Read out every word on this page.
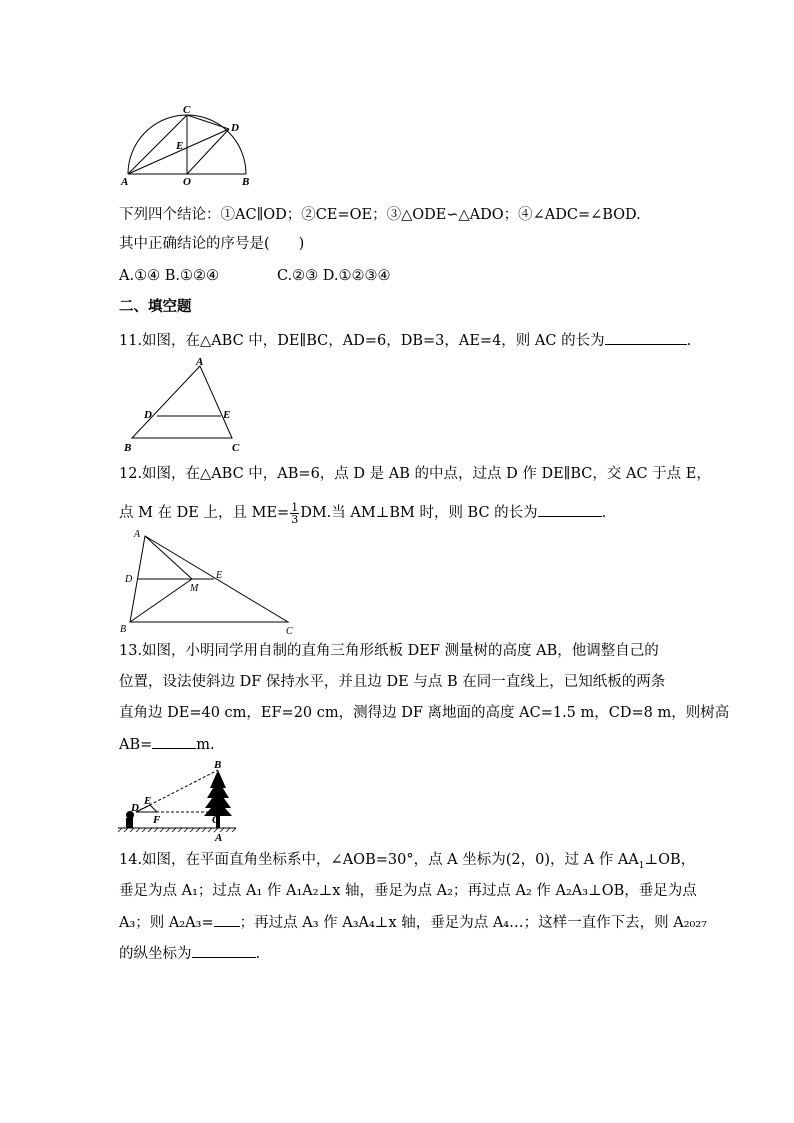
C
D
E
A	O	B
下列四个结论：①AC∥OD；②CE=OE；③△ODE∽△ADO；④∠ADC=∠BOD.
其中正确结论的序号是(　　)
A.①④ B.①②④　　　　C.②③ D.①②③④
二、填空题
11.如图，在△ABC 中，DE∥BC，AD=6，DB=3，AE=4，则 AC 的长为	.
A
D	E
B	C
12.如图，在△ABC 中，AB=6，点 D 是 AB 的中点，过点 D 作 DE∥BC，交 AC 于点 E，
点 M 在 DE 上，且 $ME= \frac{1}{3}$ DM.当 AM⊥BM 时，则 BC 的长为	.
A
D
M
E
B	C
13.如图，小明同学用自制的直角三角形纸板 DEF 测量树的高度 AB，他调整自己的
位置，设法使斜边 DF 保持水平，并且边 DE 与点 B 在同一直线上，已知纸板的两条
直角边 DE=40 cm，EF=20 cm，测得边 DF 离地面的高度 AC=1.5 m，CD=8 m，则树高
AB=	m.
B
E
D
F	C
A
14.如图，在平面直角坐标系中，∠AOB=30°，点 A 坐标为(2，0)，过 A 作 $AA_1\perp OB$，
垂足为点 A₁；过点 A₁ 作 A₁A₂⊥x 轴，垂足为点 A₂；再过点 A₂ 作 A₂A₃⊥OB，垂足为点
A₃；则 A₂A₃= ；再过点 A₃ 作 A₃A₄⊥x 轴，垂足为点 A₄…；这样一直作下去，则 A₂₀₂₇
的纵坐标为	.
